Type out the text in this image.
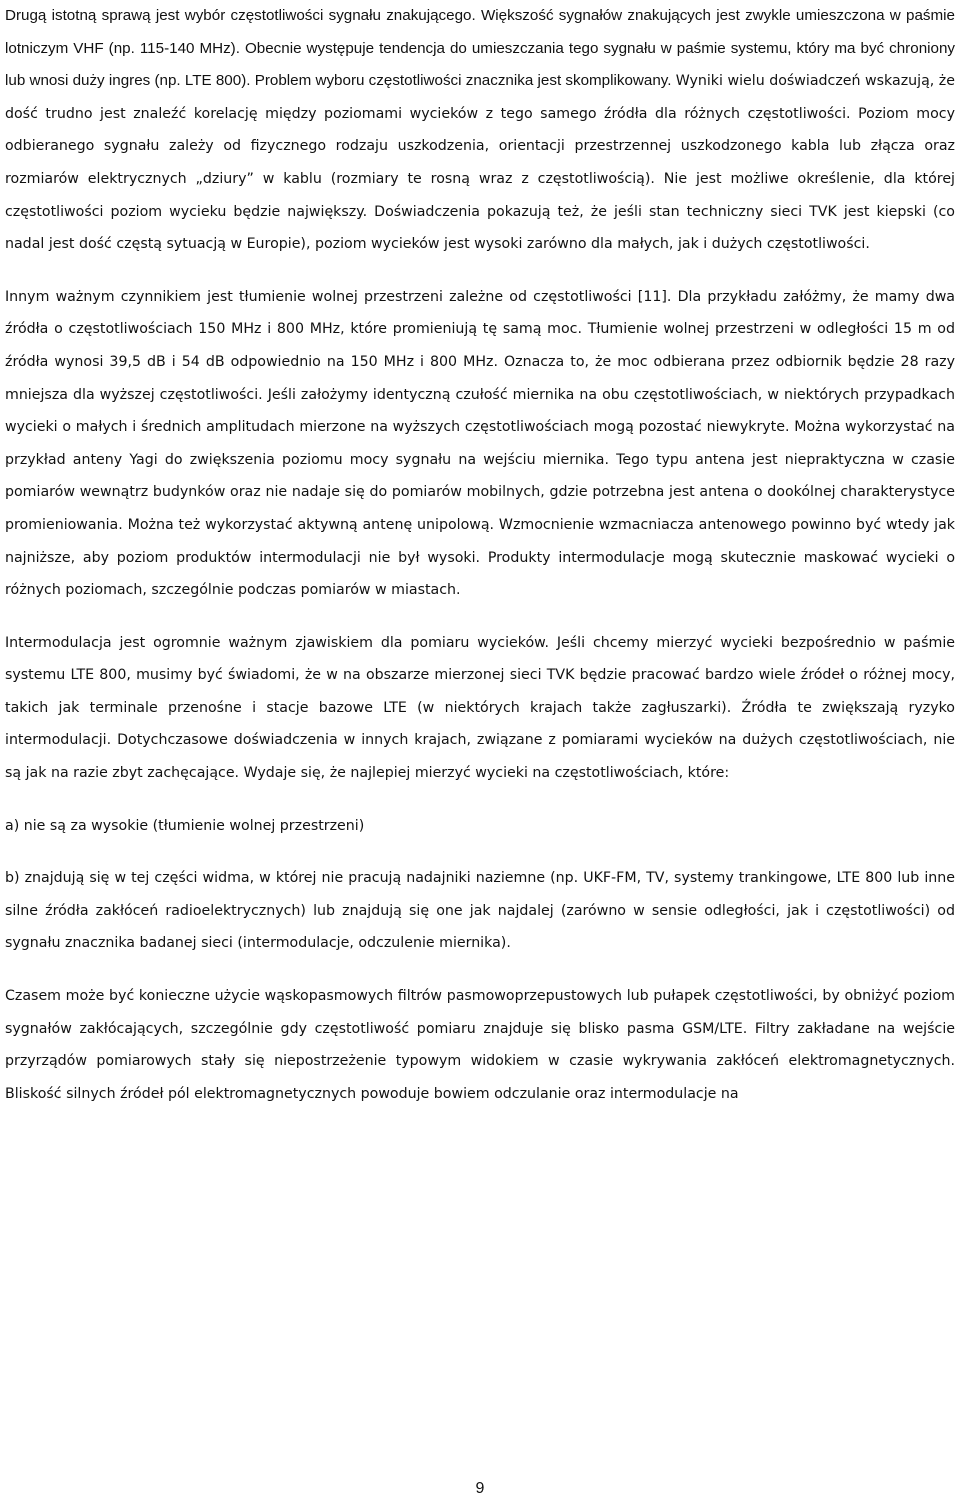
Drugą istotną sprawą jest wybór częstotliwości sygnału znakującego. Większość sygnałów znakujących jest zwykle umieszczona w paśmie lotniczym VHF (np. 115-140 MHz). Obecnie występuje tendencja do umieszczania tego sygnału w paśmie systemu, który ma być chroniony lub wnosi duży ingres (np. LTE 800). Problem wyboru częstotliwości znacznika jest skomplikowany. Wyniki wielu doświadczeń wskazują, że dość trudno jest znaleźć korelację między poziomami wycieków z tego samego źródła dla różnych częstotliwości. Poziom mocy odbieranego sygnału zależy od fizycznego rodzaju uszkodzenia, orientacji przestrzennej uszkodzonego kabla lub złącza oraz rozmiarów elektrycznych „dziury” w kablu (rozmiary te rosną wraz z częstotliwością). Nie jest możliwe określenie, dla której częstotliwości poziom wycieku będzie największy. Doświadczenia pokazują też, że jeśli stan techniczny sieci TVK jest kiepski (co nadal jest dość częstą sytuacją w Europie), poziom wycieków jest wysoki zarówno dla małych, jak i dużych częstotliwości.

Innym ważnym czynnikiem jest tłumienie wolnej przestrzeni zależne od częstotliwości [11]. Dla przykładu załóżmy, że mamy dwa źródła o częstotliwościach 150 MHz i 800 MHz, które promieniują tę samą moc. Tłumienie wolnej przestrzeni w odległości 15 m od źródła wynosi 39,5 dB i 54 dB odpowiednio na 150 MHz i 800 MHz. Oznacza to, że moc odbierana przez odbiornik będzie 28 razy mniejsza dla wyższej częstotliwości. Jeśli założymy identyczną czułość miernika na obu częstotliwościach, w niektórych przypadkach wycieki o małych i średnich amplitudach mierzone na wyższych częstotliwościach mogą pozostać niewykryte. Można wykorzystać na przykład anteny Yagi do zwiększenia poziomu mocy sygnału na wejściu miernika. Tego typu antena jest niepraktyczna w czasie pomiarów wewnątrz budynków oraz nie nadaje się do pomiarów mobilnych, gdzie potrzebna jest antena o dookólnej charakterystyce promieniowania. Można też wykorzystać aktywną antenę unipolową. Wzmocnienie wzmacniacza antenowego powinno być wtedy jak najniższe, aby poziom produktów intermodulacji nie był wysoki. Produkty intermodulacje mogą skutecznie maskować wycieki o różnych poziomach, szczególnie podczas pomiarów w miastach.

Intermodulacja jest ogromnie ważnym zjawiskiem dla pomiaru wycieków. Jeśli chcemy mierzyć wycieki bezpośrednio w paśmie systemu LTE 800, musimy być świadomi, że w na obszarze mierzonej sieci TVK będzie pracować bardzo wiele źródeł o różnej mocy, takich jak terminale przenośne i stacje bazowe LTE (w niektórych krajach także zagłuszarki). Źródła te zwiększają ryzyko intermodulacji. Dotychczasowe doświadczenia w innych krajach, związane z pomiarami wycieków na dużych częstotliwościach, nie są jak na razie zbyt zachęcające. Wydaje się, że najlepiej mierzyć wycieki na częstotliwościach, które:

a) nie są za wysokie (tłumienie wolnej przestrzeni)

b) znajdują się w tej części widma, w której nie pracują nadajniki naziemne (np. UKF-FM, TV, systemy trankingowe, LTE 800 lub inne silne źródła zakłóceń radioelektrycznych) lub znajdują się one jak najdalej (zarówno w sensie odległości, jak i częstotliwości) od sygnału znacznika badanej sieci (intermodulacje, odczulenie miernika).

Czasem może być konieczne użycie wąskopasmowych filtrów pasmowoprzepustowych lub pułapek częstotliwości, by obniżyć poziom sygnałów zakłócających, szczególnie gdy częstotliwość pomiaru znajduje się blisko pasma GSM/LTE. Filtry zakładane na wejście przyrządów pomiarowych stały się niepostrzeżenie typowym widokiem w czasie wykrywania zakłóceń elektromagnetycznych. Bliskość silnych źródeł pól elektromagnetycznych powoduje bowiem odczulanie oraz intermodulacje na

9
